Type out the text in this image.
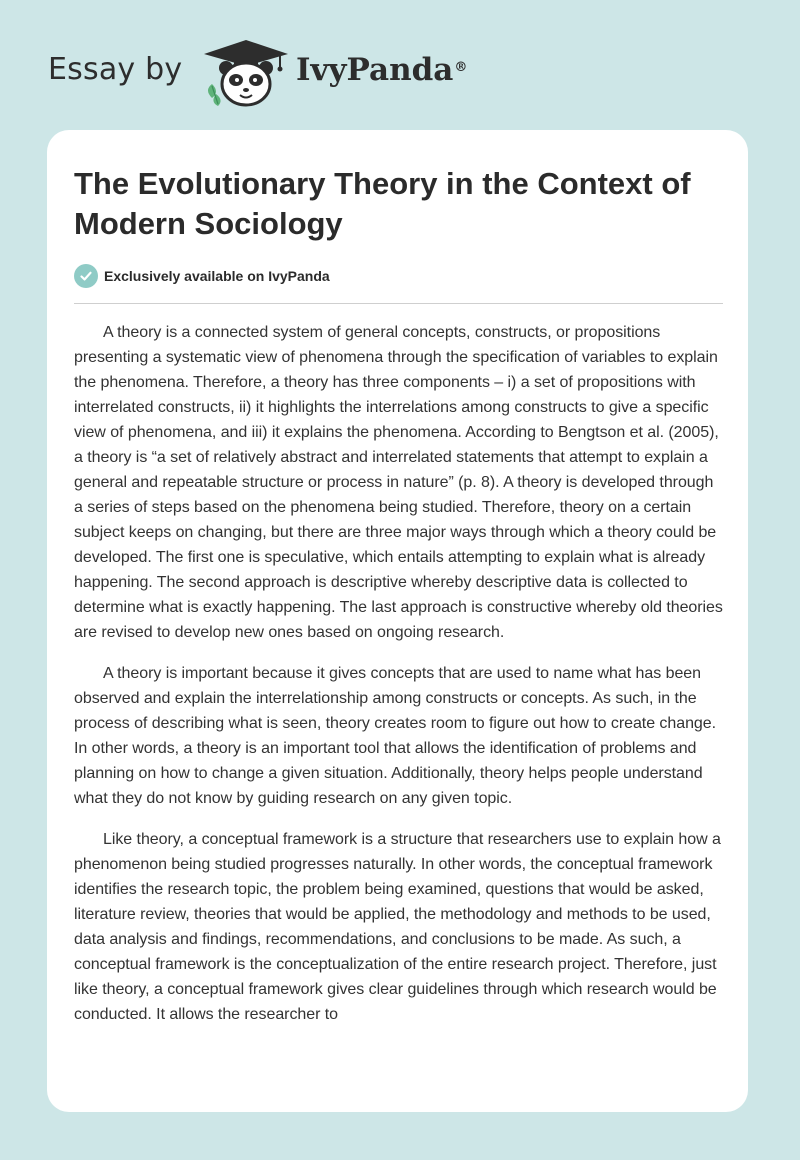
Essay by	IvyPanda®
The Evolutionary Theory in the Context of Modern Sociology
Exclusively available on IvyPanda

A theory is a connected system of general concepts, constructs, or propositions presenting a systematic view of phenomena through the specification of variables to explain the phenomena. Therefore, a theory has three components – i) a set of propositions with interrelated constructs, ii) it highlights the interrelations among constructs to give a specific view of phenomena, and iii) it explains the phenomena. According to Bengtson et al. (2005), a theory is “a set of relatively abstract and interrelated statements that attempt to explain a general and repeatable structure or process in nature” (p. 8). A theory is developed through a series of steps based on the phenomena being studied. Therefore, theory on a certain subject keeps on changing, but there are three major ways through which a theory could be developed. The first one is speculative, which entails attempting to explain what is already happening. The second approach is descriptive whereby descriptive data is collected to determine what is exactly happening. The last approach is constructive whereby old theories are revised to develop new ones based on ongoing research.

A theory is important because it gives concepts that are used to name what has been observed and explain the interrelationship among constructs or concepts. As such, in the process of describing what is seen, theory creates room to figure out how to create change. In other words, a theory is an important tool that allows the identification of problems and planning on how to change a given situation. Additionally, theory helps people understand what they do not know by guiding research on any given topic.

Like theory, a conceptual framework is a structure that researchers use to explain how a phenomenon being studied progresses naturally. In other words, the conceptual framework identifies the research topic, the problem being examined, questions that would be asked, literature review, theories that would be applied, the methodology and methods to be used, data analysis and findings, recommendations, and conclusions to be made. As such, a conceptual framework is the conceptualization of the entire research project. Therefore, just like theory, a conceptual framework gives clear guidelines through which research would be conducted. It allows the researcher to
